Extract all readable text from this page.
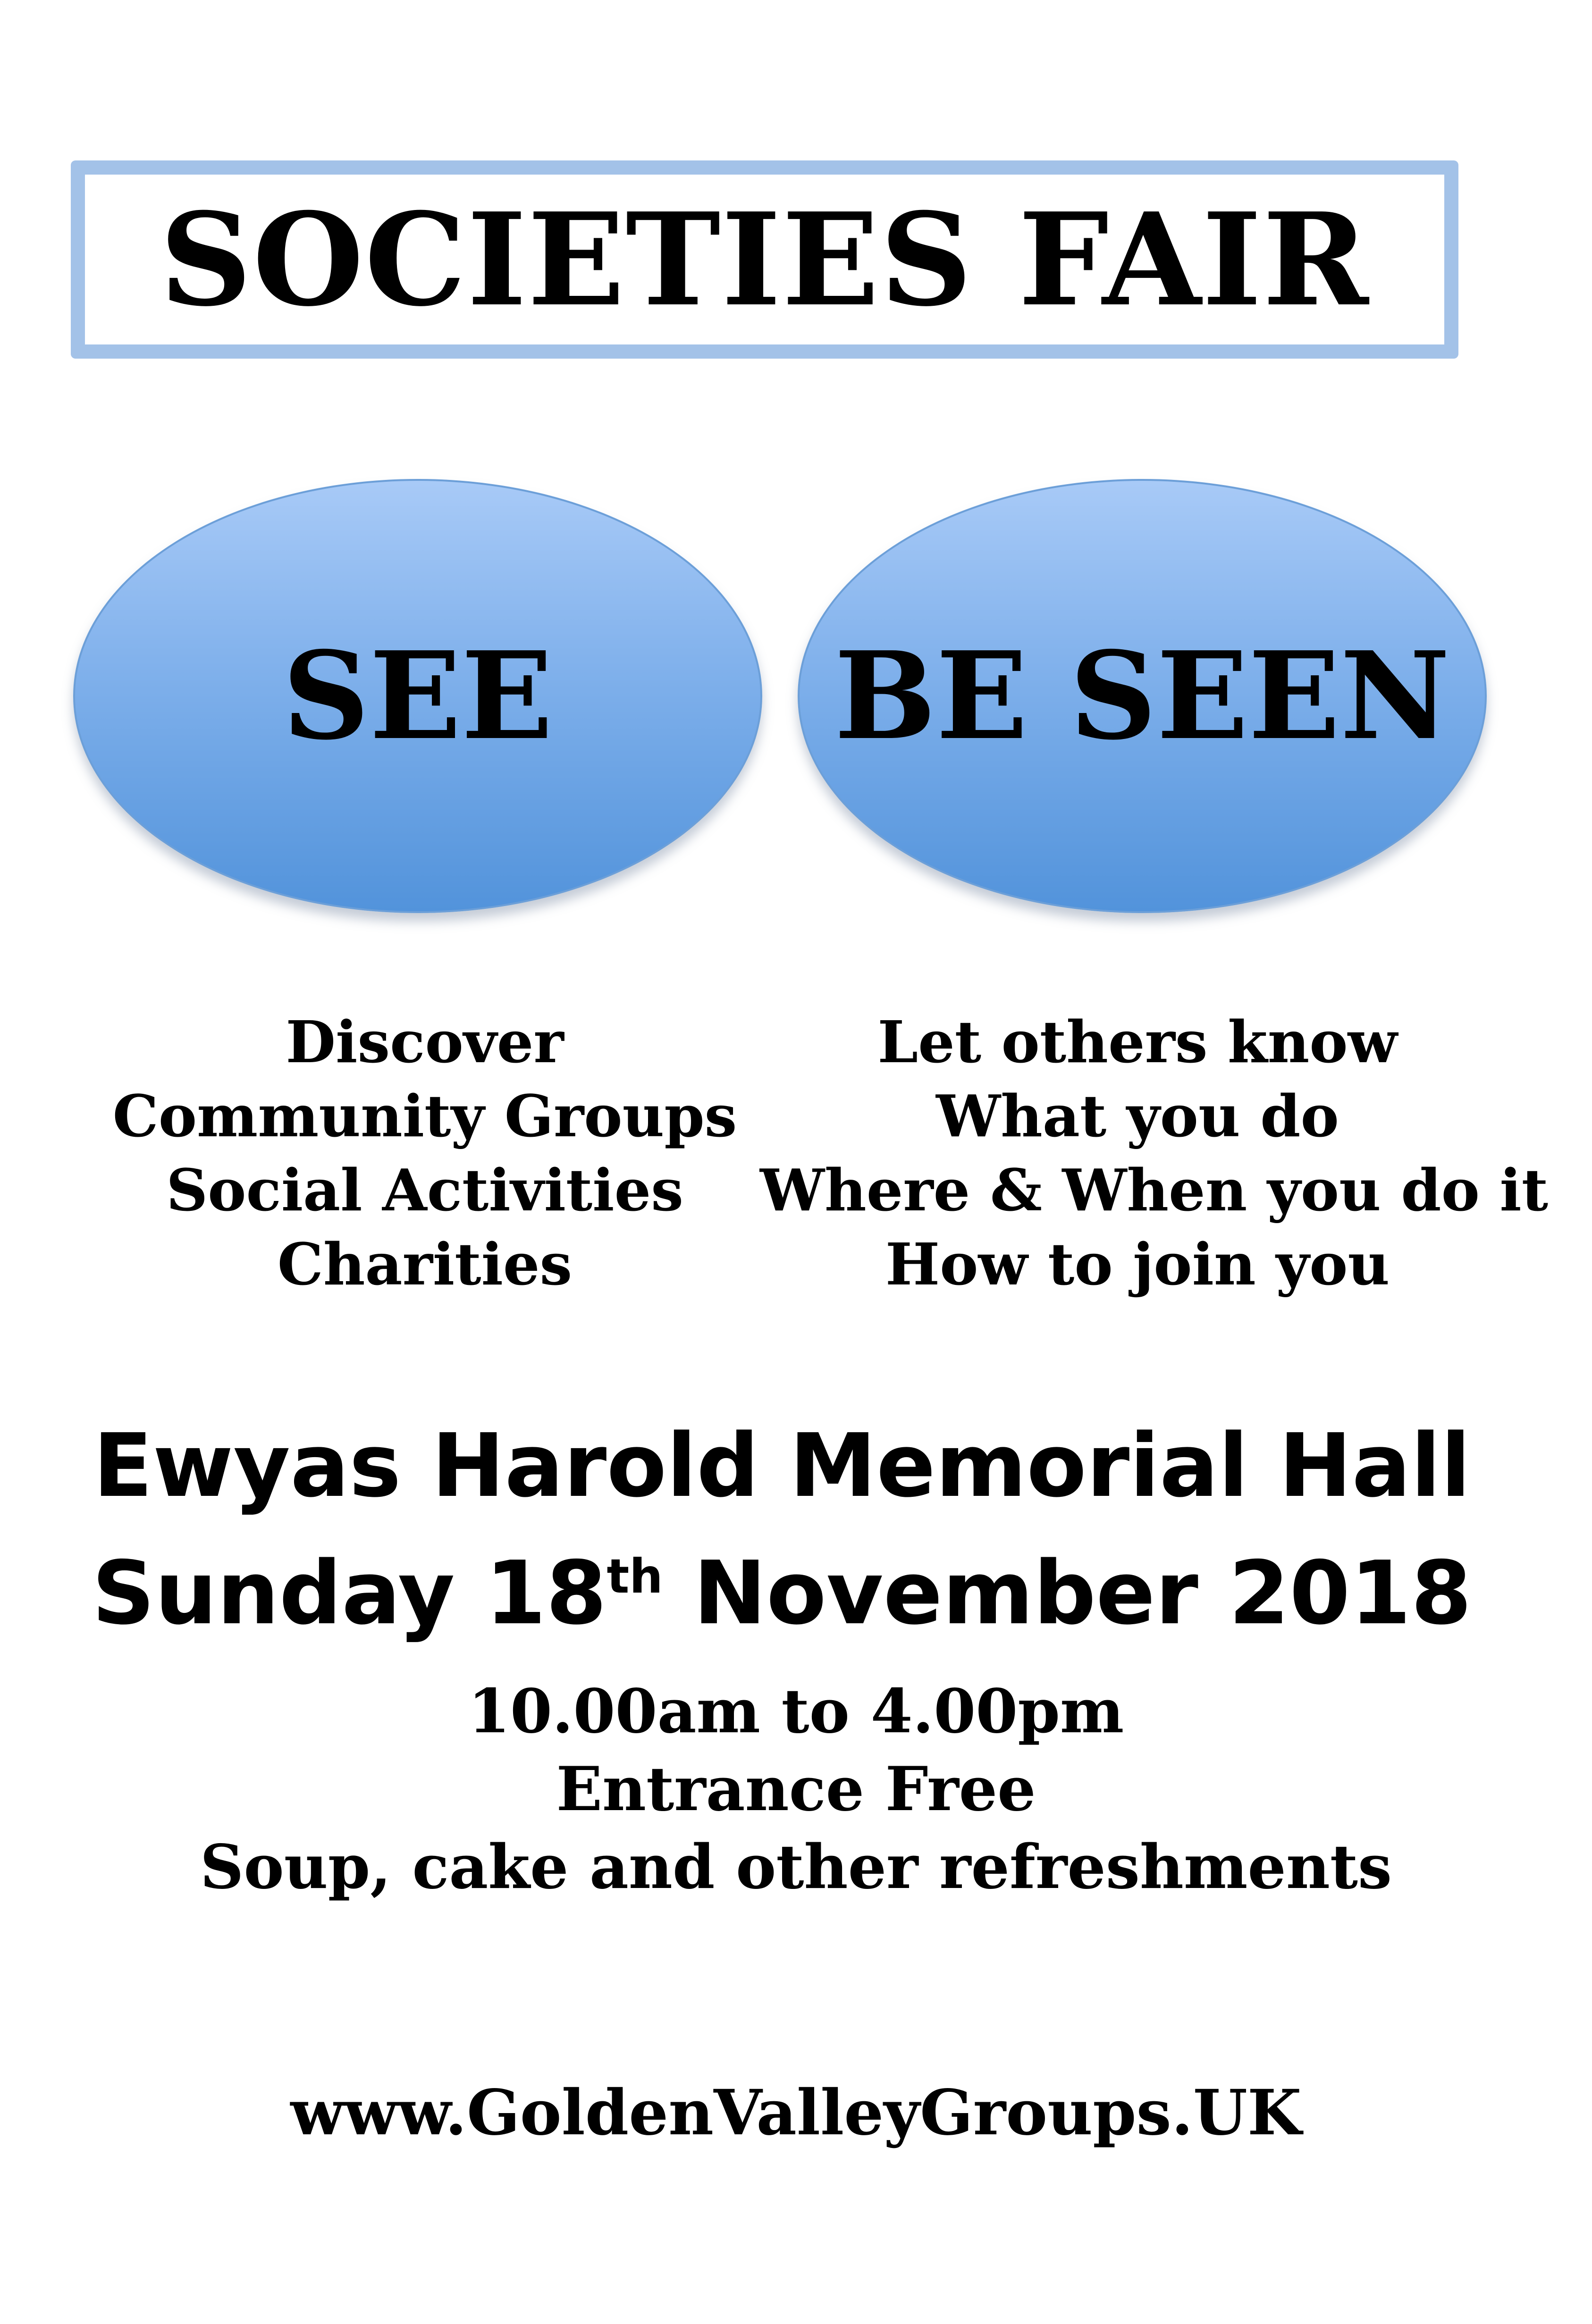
SOCIETIES FAIR
SEE BE SEEN
Discover
Community Groups
Social Activities
Charities
Let others know
What you do
Where & When you do it
How to join you
Ewyas Harold Memorial Hall
Sunday 18th November 2018
10.00am to 4.00pm
Entrance Free
Soup, cake and other refreshments
www.GoldenValleyGroups.UK
